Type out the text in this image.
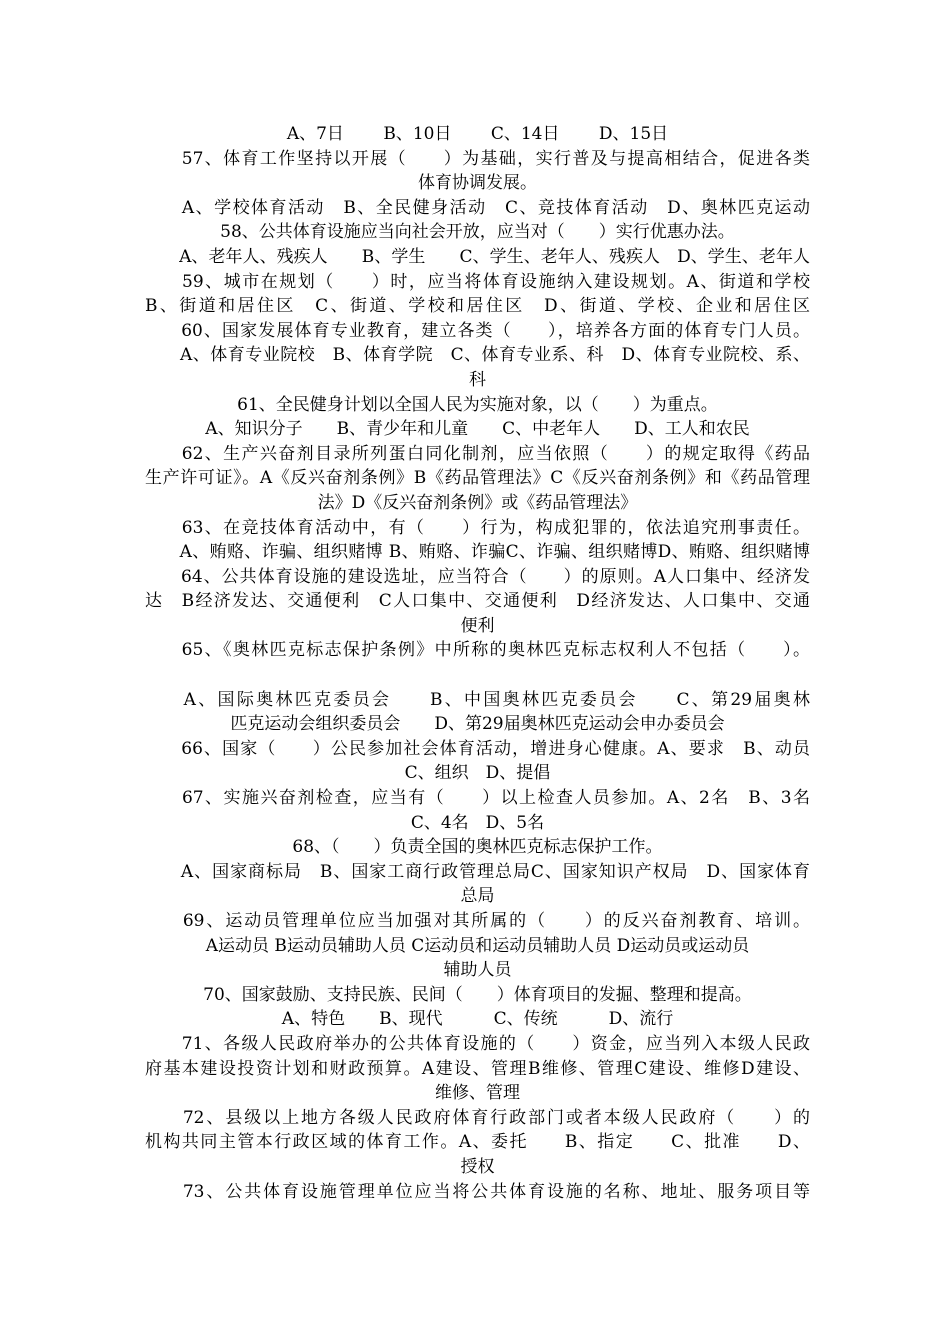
A、7日　　 B、10日　　 C、14日　　 D、15日
　　57、体育工作坚持以开展（　　）为基础，实行普及与提高相结合，促进各类
体育协调发展。
　　A、学校体育活动　B、全民健身活动　C、竞技体育活动　D、奥林匹克运动
58、公共体育设施应当向社会开放，应当对（　　）实行优惠办法。
　　A、老年人、残疾人　　B、学生　　C、学生、老年人、残疾人　D、学生、老年人
　　59、城市在规划（　　）时，应当将体育设施纳入建设规划。A、街道和学校
B、街道和居住区　C、街道、学校和居住区　D、街道、学校、企业和居住区
　　60、国家发展体育专业教育，建立各类（　　），培养各方面的体育专门人员。
　　A、体育专业院校　B、体育学院　C、体育专业系、科　D、体育专业院校、系、
科
61、全民健身计划以全国人民为实施对象，以（　　）为重点。
A、知识分子　　B、青少年和儿童　　C、中老年人　　D、工人和农民
　　62、生产兴奋剂目录所列蛋白同化制剂，应当依照（　　）的规定取得《药品
生产许可证》。A《反兴奋剂条例》B《药品管理法》C《反兴奋剂条例》和《药品管理
法》D《反兴奋剂条例》或《药品管理法》
　　63、在竞技体育活动中，有（　　）行为，构成犯罪的，依法追究刑事责任。
　　A、贿赂、诈骗、组织赌博 B、贿赂、诈骗C、诈骗、组织赌博D、贿赂、组织赌博
　　64、公共体育设施的建设选址，应当符合（　　）的原则。A人口集中、经济发
达　B经济发达、交通便利　C人口集中、交通便利　D经济发达、人口集中、交通
便利
　　65、《奥林匹克标志保护条例》中所称的奥林匹克标志权利人不包括（　　）。
　　A、国际奥林匹克委员会　　B、中国奥林匹克委员会　　C、第29届奥林
匹克运动会组织委员会　　D、第29届奥林匹克运动会申办委员会
　　66、国家（　　）公民参加社会体育活动，增进身心健康。A、要求　B、动员
C、组织　D、提倡
　　67、实施兴奋剂检查，应当有（　　）以上检查人员参加。A、2名　B、3名
C、4名　D、5名
68、（　　）负责全国的奥林匹克标志保护工作。
　　A、国家商标局　B、国家工商行政管理总局C、国家知识产权局　D、国家体育
总局
　　69、运动员管理单位应当加强对其所属的（　　）的反兴奋剂教育、培训。
A运动员 B运动员辅助人员 C运动员和运动员辅助人员 D运动员或运动员
辅助人员
70、国家鼓励、支持民族、民间（　　）体育项目的发掘、整理和提高。
A、特色　　B、现代　　　C、传统　　　D、流行
　　71、各级人民政府举办的公共体育设施的（　　）资金，应当列入本级人民政
府基本建设投资计划和财政预算。A建设、管理B维修、管理C建设、维修D建设、
维修、管理
　　72、县级以上地方各级人民政府体育行政部门或者本级人民政府（　　）的
机构共同主管本行政区域的体育工作。A、委托　　B、指定　　C、批准　　D、
授权
　　73、公共体育设施管理单位应当将公共体育设施的名称、地址、服务项目等
